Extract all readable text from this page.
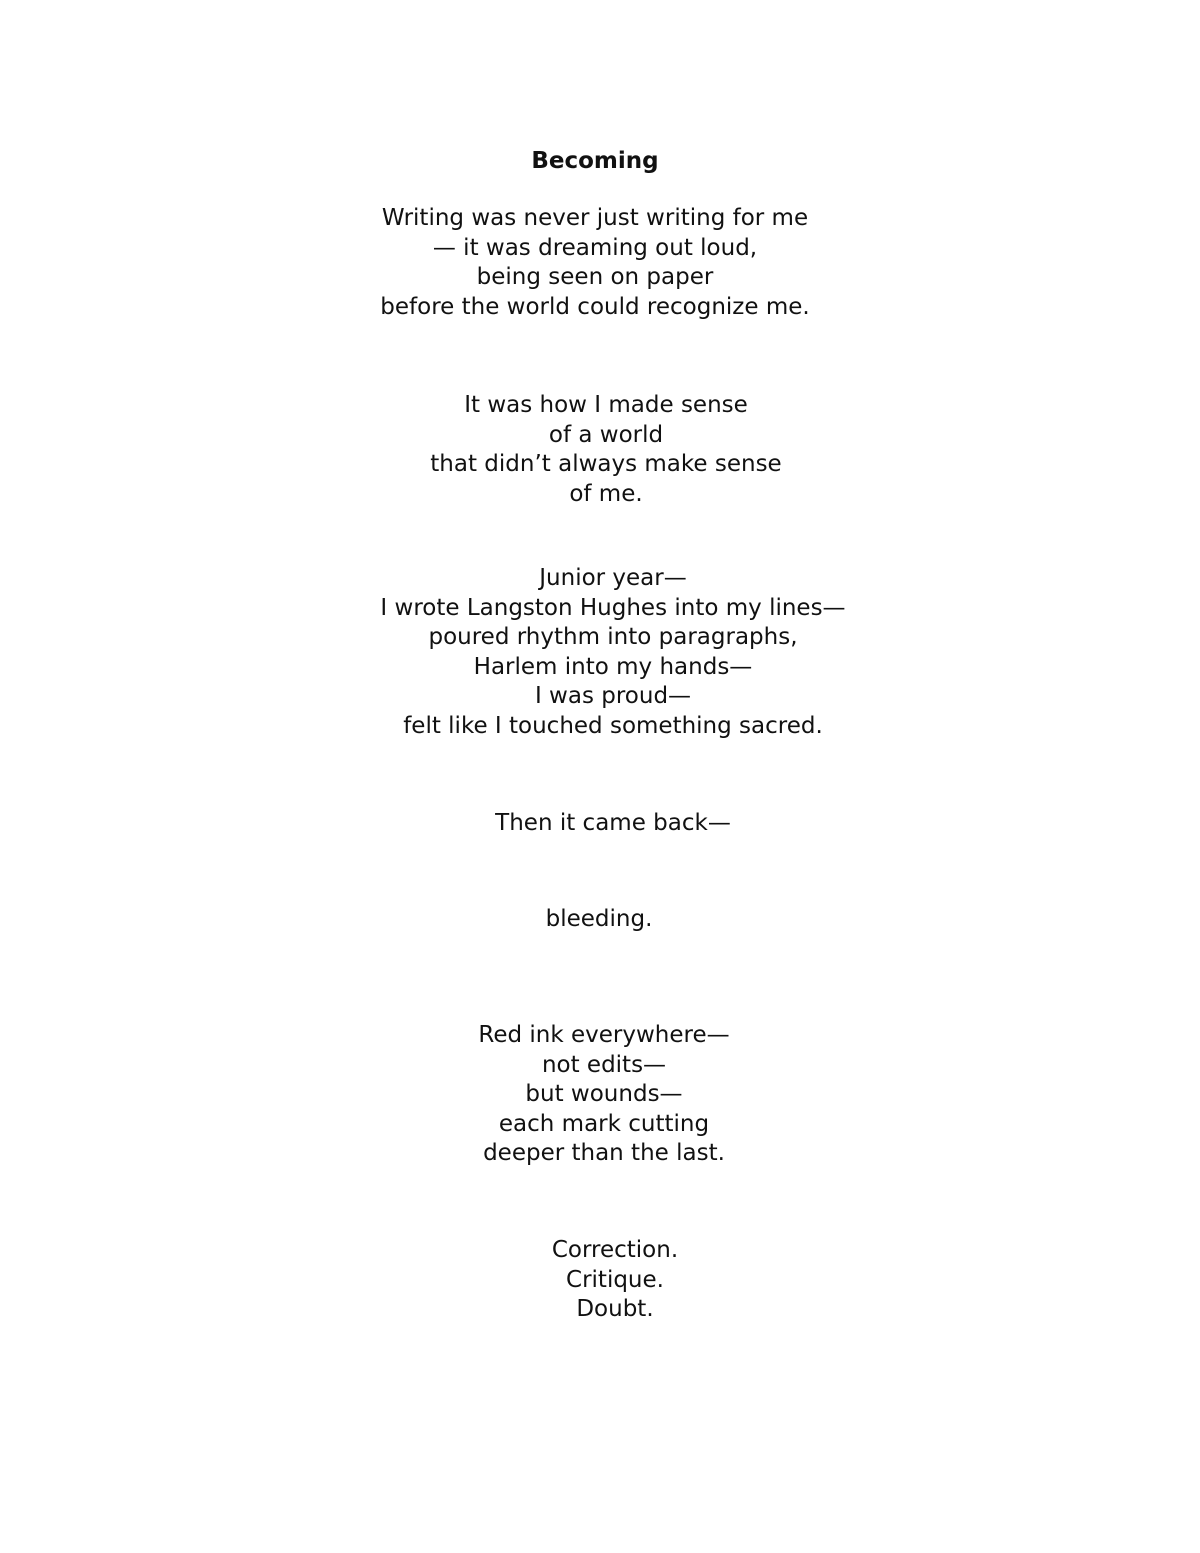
Becoming
Writing was never just writing for me
— it was dreaming out loud,
being seen on paper
before the world could recognize me.
It was how I made sense
of a world
that didn’t always make sense
of me.
Junior year—
I wrote Langston Hughes into my lines—
poured rhythm into paragraphs,
Harlem into my hands—
I was proud—
felt like I touched something sacred.
Then it came back—
bleeding.
Red ink everywhere—
not edits—
but wounds—
each mark cutting
deeper than the last.
Correction.
Critique.
Doubt.
